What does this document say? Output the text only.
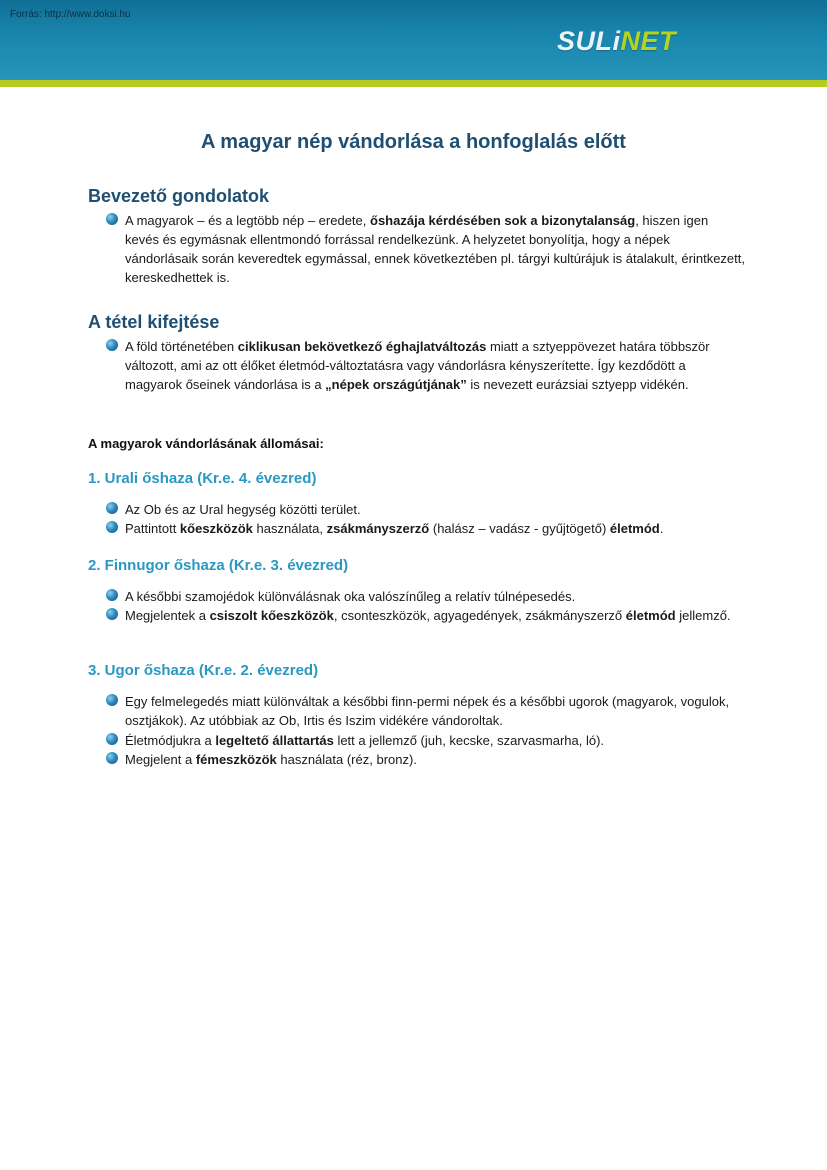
Forrás: http://www.doksi.hu
SULiNET
A magyar nép vándorlása a honfoglalás előtt
Bevezető gondolatok
A magyarok – és a legtöbb nép – eredete, őshazája kérdésében sok a bizonytalanság, hiszen igen kevés és egymásnak ellentmondó forrással rendelkezünk. A helyzetet bonyolítja, hogy a népek vándorlásaik során keveredtek egymással, ennek következtében pl. tárgyi kultúrájuk is átalakult, érintkezett, kereskedhettek is.
A tétel kifejtése
A föld történetében ciklikusan bekövetkező éghajlatváltozás miatt a sztyeppövezet határa többször változott, ami az ott élőket életmód-változtatásra vagy vándorlásra kényszerítette. Így kezdődött a magyarok őseinek vándorlása is a „népek országútjának” is nevezett eurázsiai sztyepp vidékén.
A magyarok vándorlásának állomásai:
1. Urali őshaza (Kr.e. 4. évezred)
Az Ob és az Ural hegység közötti terület.
Pattintott kőeszközök használata, zsákmányszerző (halász – vadász - gyűjtögető) életmód.
2. Finnugor őshaza (Kr.e. 3. évezred)
A későbbi szamojédok különválásnak oka valószínűleg a relatív túlnépesedés.
Megjelentek a csiszolt kőeszközök, csonteszközök, agyagedények, zsákmányszerző életmód jellemző.
3. Ugor őshaza (Kr.e. 2. évezred)
Egy felmelegedés miatt különváltak a későbbi finn-permi népek és a későbbi ugorok (magyarok, vogulok, osztjákok). Az utóbbiak az Ob, Irtis és Iszim vidékére vándoroltak.
Életmódjukra a legeltető állattartás lett a jellemző (juh, kecske, szarvasmarha, ló).
Megjelent a fémeszközök használata (réz, bronz).
